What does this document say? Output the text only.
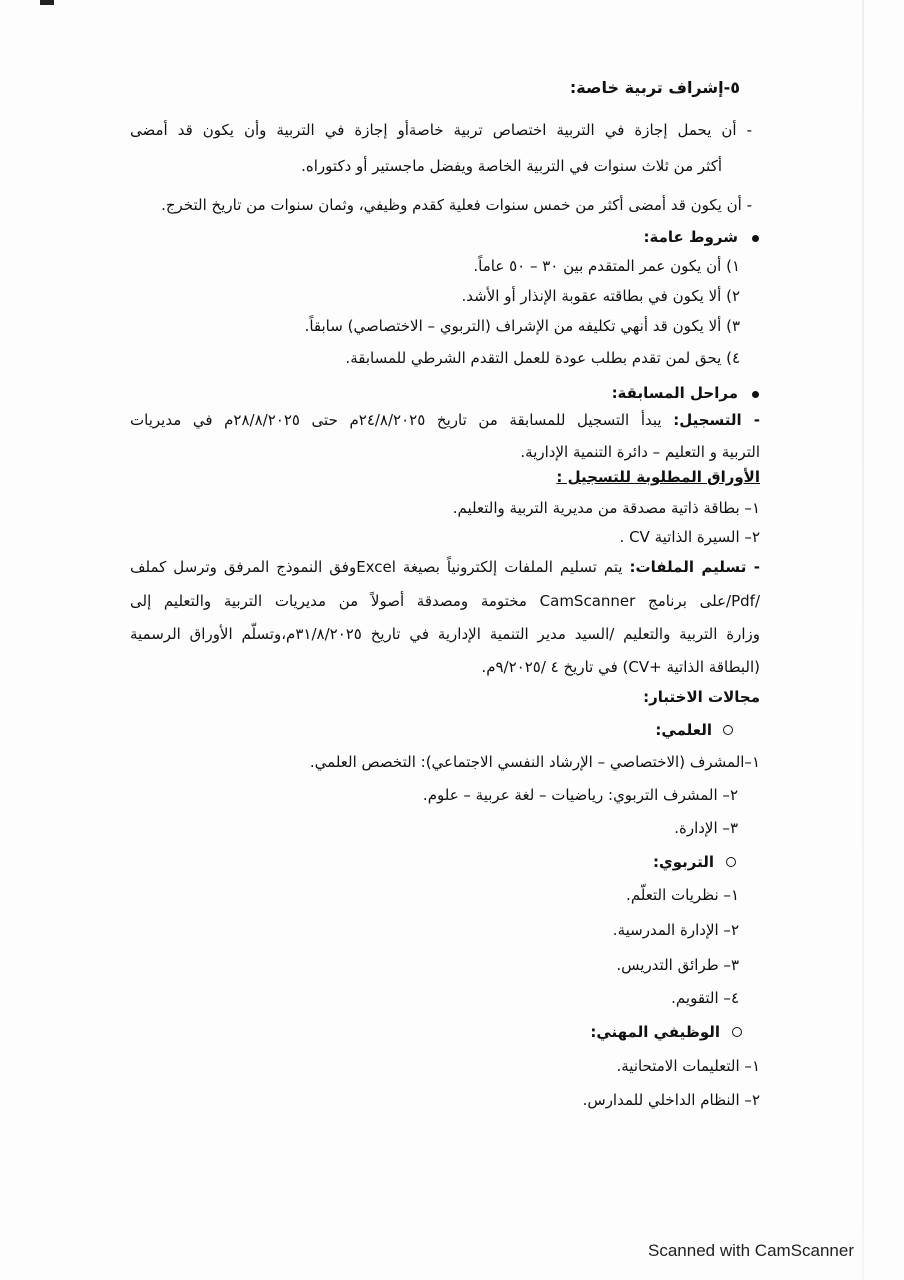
٥-إشراف تربية خاصة:
- أن يحمل إجازة في التربية اختصاص تربية خاصةأو إجازة في التربية وأن يكون قد أمضى
أكثر من ثلاث سنوات في التربية الخاصة ويفضل ماجستير أو دكتوراه.
- أن يكون قد أمضى أكثر من خمس سنوات فعلية كقدم وظيفي، وثمان سنوات من تاريخ التخرج.
شروط عامة:
١) أن يكون عمر المتقدم بين ٣٠ – ٥٠ عاماً.
٢) ألا يكون في بطاقته عقوبة الإنذار أو الأشد.
٣) ألا يكون قد أنهي تكليفه من الإشراف (التربوي – الاختصاصي) سابقاً.
٤) يحق لمن تقدم بطلب عودة للعمل التقدم الشرطي للمسابقة.
مراحل المسابقة:
- التسجيل: يبدأ التسجيل للمسابقة من تاريخ ٢٤/٨/٢٠٢٥م حتى ٢٨/٨/٢٠٢٥م في مديريات
التربية و التعليم – دائرة التنمية الإدارية.
الأوراق المطلوبة للتسجيل :
١– بطاقة ذاتية مصدقة من مديرية التربية والتعليم.
٢– السيرة الذاتية CV .
- تسليم الملفات: يتم تسليم الملفات إلكترونياً بصيغة Excelوفق النموذج المرفق وترسل كملف
/Pdf/على برنامج CamScanner مختومة ومصدقة أصولاً من مديريات التربية والتعليم إلى
وزارة التربية والتعليم /السيد مدير التنمية الإدارية في تاريخ ٣١/٨/٢٠٢٥م،وتسلّم الأوراق الرسمية
(البطاقة الذاتية +CV) في تاريخ ٤ /٩/٢٠٢٥م.
مجالات الاختبار:
العلمي:
١–المشرف (الاختصاصي – الإرشاد النفسي الاجتماعي): التخصص العلمي.
٢– المشرف التربوي: رياضيات – لغة عربية – علوم.
٣– الإدارة.
التربوي:
١– نظريات التعلّم.
٢– الإدارة المدرسية.
٣– طرائق التدريس.
٤– التقويم.
الوظيفي المهني:
١– التعليمات الامتحانية.
٢– النظام الداخلي للمدارس.
Scanned with CamScanner
